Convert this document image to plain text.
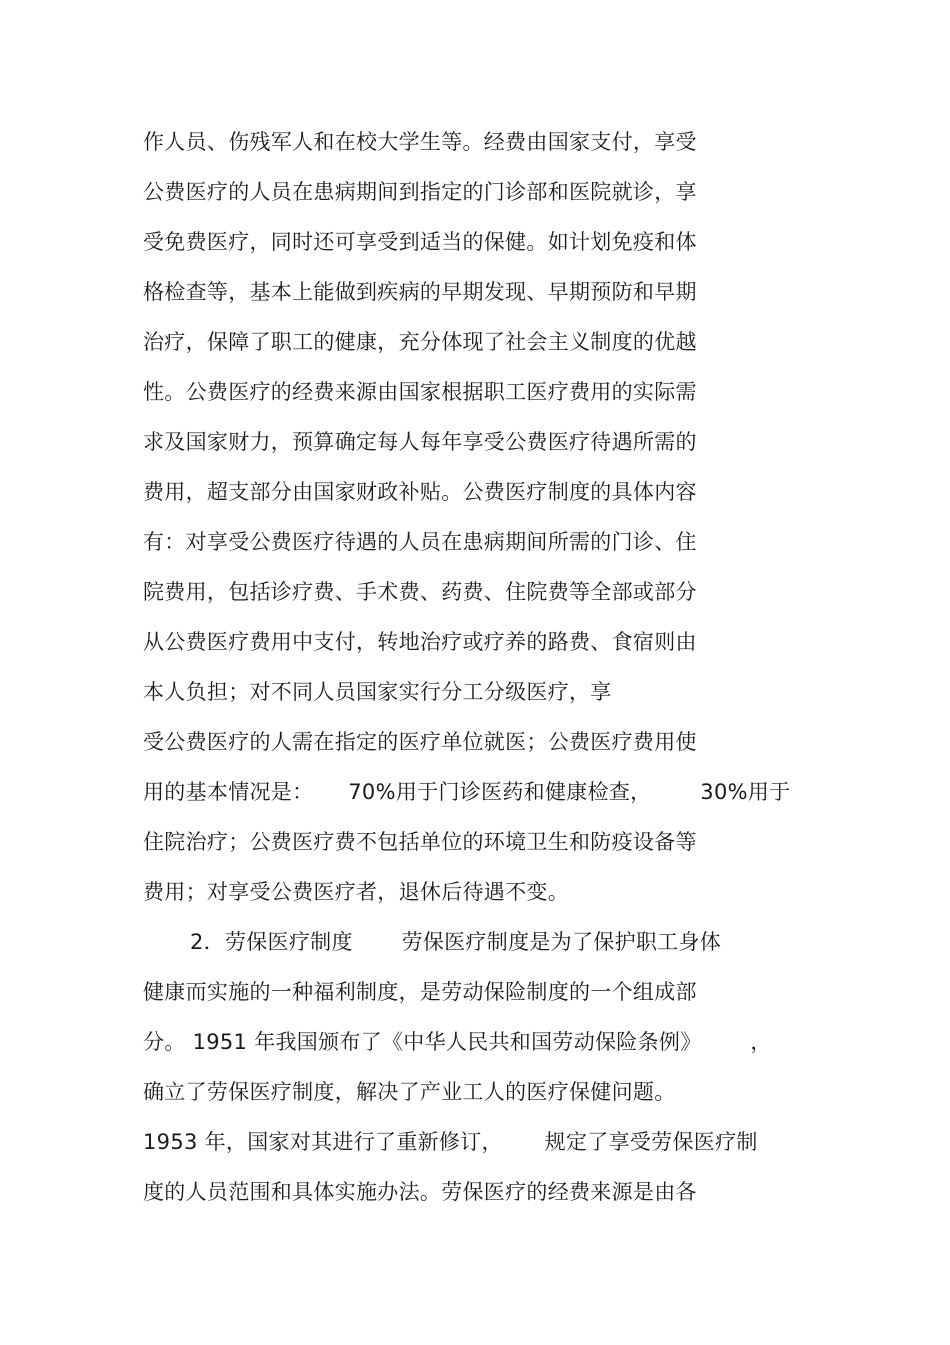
作人员、伤残军人和在校大学生等。经费由国家支付，享受
公费医疗的人员在患病期间到指定的门诊部和医院就诊，享
受免费医疗，同时还可享受到适当的保健。如计划免疫和体
格检查等，基本上能做到疾病的早期发现、早期预防和早期
治疗，保障了职工的健康，充分体现了社会主义制度的优越
性。公费医疗的经费来源由国家根据职工医疗费用的实际需
求及国家财力，预算确定每人每年享受公费医疗待遇所需的
费用，超支部分由国家财政补贴。公费医疗制度的具体内容
有：对享受公费医疗待遇的人员在患病期间所需的门诊、住
院费用，包括诊疗费、手术费、药费、住院费等全部或部分
从公费医疗费用中支付，转地治疗或疗养的路费、食宿则由
本人负担；对不同人员国家实行分工分级医疗，享
受公费医疗的人需在指定的医疗单位就医；公费医疗费用使
用的基本情况是：     70%用于门诊医药和健康检查，       30%用于
住院治疗；公费医疗费不包括单位的环境卫生和防疫设备等
费用；对享受公费医疗者，退休后待遇不变。
2．劳保医疗制度       劳保医疗制度是为了保护职工身体
健康而实施的一种福利制度，是劳动保险制度的一个组成部
分。 1951 年我国颁布了《中华人民共和国劳动保险条例》       ，
确立了劳保医疗制度，解决了产业工人的医疗保健问题。
1953 年，国家对其进行了重新修订，      规定了享受劳保医疗制
度的人员范围和具体实施办法。劳保医疗的经费来源是由各
